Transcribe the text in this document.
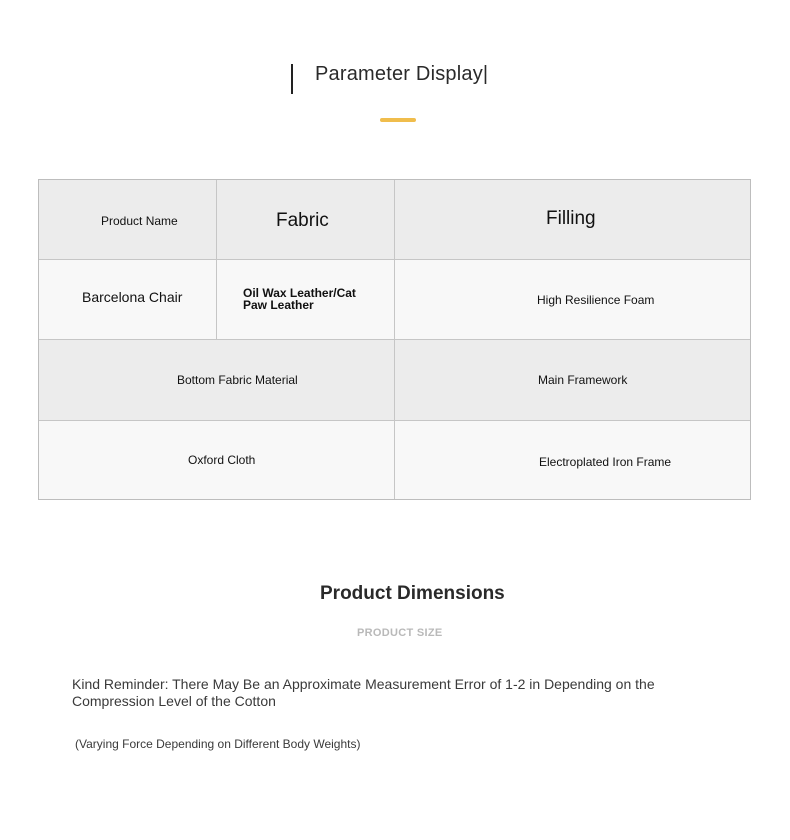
Parameter Display|
Product Name	Fabric	Filling
Barcelona Chair	Oil Wax Leather/Cat Paw Leather	High Resilience Foam
Bottom Fabric Material	Main Framework
Oxford Cloth	Electroplated Iron Frame
Product Dimensions
PRODUCT SIZE
Kind Reminder: There May Be an Approximate Measurement Error of 1-2 in Depending on the Compression Level of the Cotton
(Varying Force Depending on Different Body Weights)
